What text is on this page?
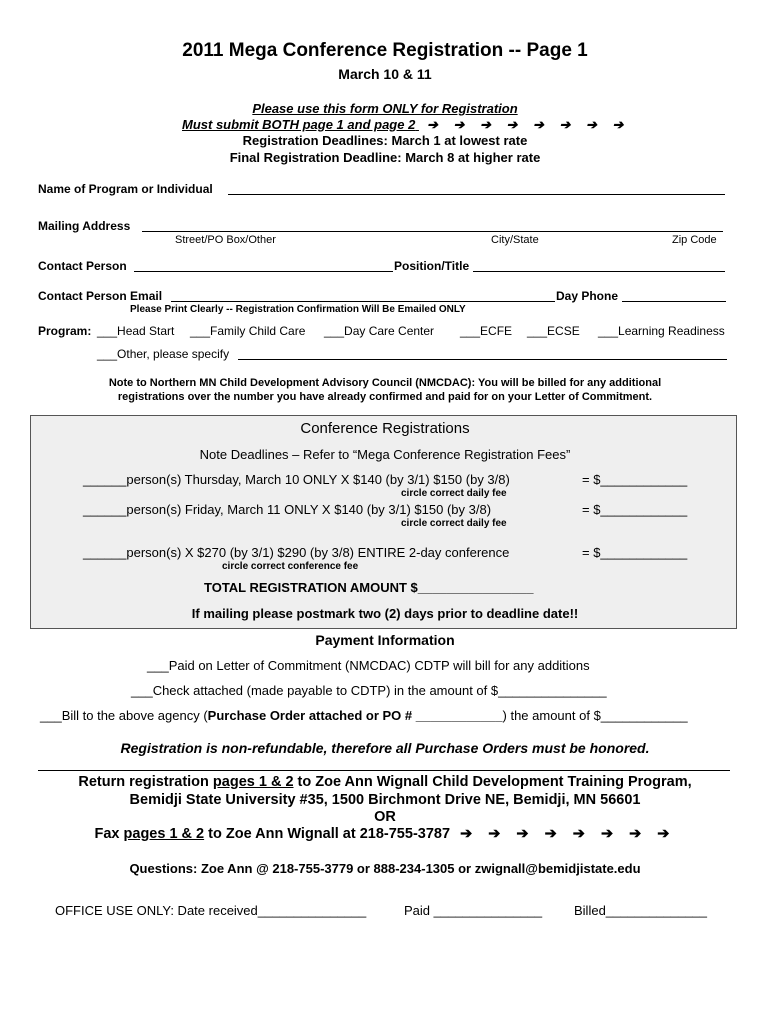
2011 Mega Conference Registration -- Page 1
March 10 & 11
Please use this form ONLY for Registration
Must submit BOTH page 1 and page 2 ➔ ➔ ➔ ➔ ➔ ➔ ➔ ➔
Registration Deadlines: March 1 at lowest rate
Final Registration Deadline: March 8 at higher rate
Name of Program or Individual
Mailing Address
Street/PO Box/Other	City/State	Zip Code
Contact Person	Position/Title
Contact Person Email	Day Phone
Please Print Clearly -- Registration Confirmation Will Be Emailed ONLY
Program: ___Head Start ___Family Child Care ___Day Care Center ___ECFE ___ECSE ___Learning Readiness
___Other, please specify
Note to Northern MN Child Development Advisory Council (NMCDAC): You will be billed for any additional
registrations over the number you have already confirmed and paid for on your Letter of Commitment.
Conference Registrations
Note Deadlines – Refer to “Mega Conference Registration Fees”
______person(s) Thursday, March 10 ONLY X $140 (by 3/1) $150 (by 3/8)	= $____________
circle correct daily fee
______person(s) Friday, March 11 ONLY X $140 (by 3/1) $150 (by 3/8)	= $____________
circle correct daily fee
______person(s) X $270 (by 3/1) $290 (by 3/8) ENTIRE 2-day conference	= $____________
circle correct conference fee
TOTAL REGISTRATION AMOUNT $________________
If mailing please postmark two (2) days prior to deadline date!!
Payment Information
___Paid on Letter of Commitment (NMCDAC) CDTP will bill for any additions
___Check attached (made payable to CDTP) in the amount of $_______________
___Bill to the above agency (Purchase Order attached or PO # ____________) the amount of $____________
Registration is non-refundable, therefore all Purchase Orders must be honored.
Return registration pages 1 & 2 to Zoe Ann Wignall Child Development Training Program,
Bemidji State University #35, 1500 Birchmont Drive NE, Bemidji, MN 56601
OR
Fax pages 1 & 2 to Zoe Ann Wignall at 218-755-3787 ➔ ➔ ➔ ➔ ➔ ➔ ➔ ➔
Questions: Zoe Ann @ 218-755-3779 or 888-234-1305 or zwignall@bemidjistate.edu
OFFICE USE ONLY: Date received_______________	Paid _______________ Billed______________
